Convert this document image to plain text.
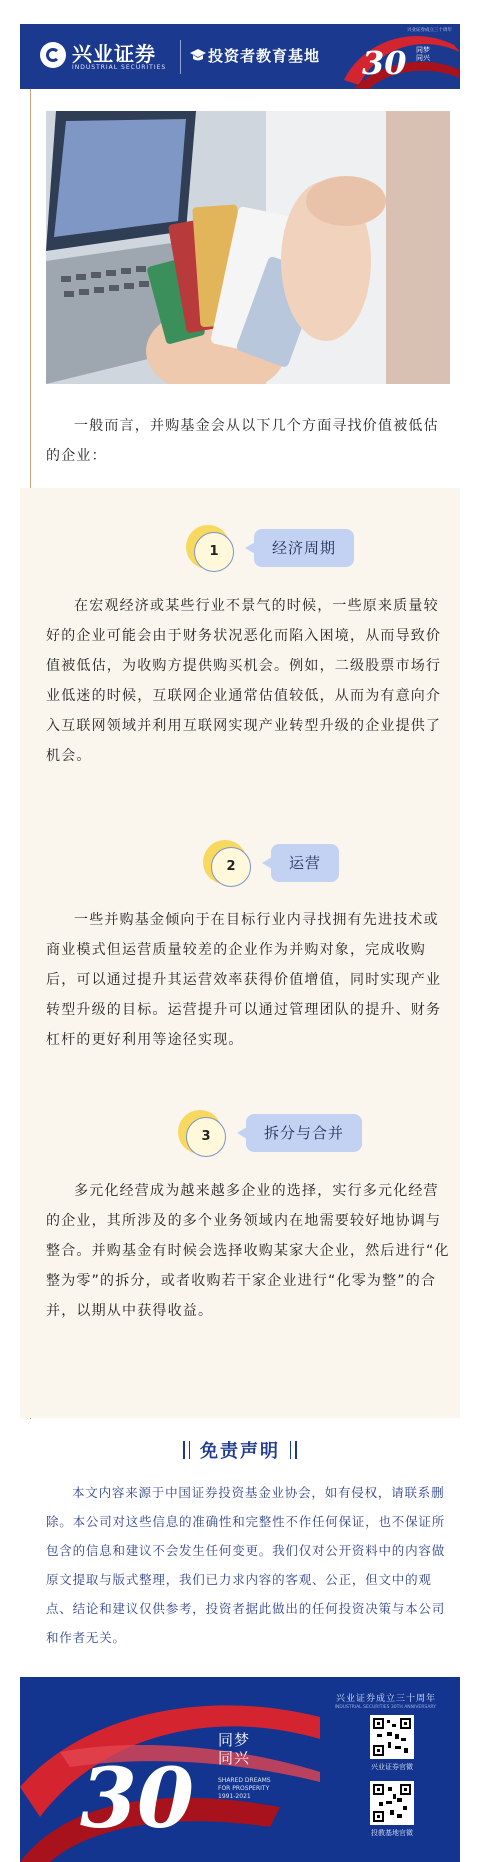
兴业证券
INDUSTRIAL SECURITIES
投资者教育基地 30
兴业证券成立三十周年
同梦
同兴

一般而言，并购基金会从以下几个方面寻找价值被低估的企业：

1	经济周期

在宏观经济或某些行业不景气的时候，一些原来质量较好的企业可能会由于财务状况恶化而陷入困境，从而导致价值被低估，为收购方提供购买机会。例如，二级股票市场行业低迷的时候，互联网企业通常估值较低，从而为有意向介入互联网领域并利用互联网实现产业转型升级的企业提供了机会。

2	运营

一些并购基金倾向于在目标行业内寻找拥有先进技术或商业模式但运营质量较差的企业作为并购对象，完成收购后，可以通过提升其运营效率获得价值增值，同时实现产业转型升级的目标。运营提升可以通过管理团队的提升、财务杠杆的更好利用等途径实现。

3	拆分与合并

多元化经营成为越来越多企业的选择，实行多元化经营的企业，其所涉及的多个业务领域内在地需要较好地协调与整合。并购基金有时候会选择收购某家大企业，然后进行“化整为零”的拆分，或者收购若干家企业进行“化零为整”的合并，以期从中获得收益。

免责声明

本文内容来源于中国证券投资基金业协会，如有侵权，请联系删除。本公司对这些信息的准确性和完整性不作任何保证，也不保证所包含的信息和建议不会发生任何变更。我们仅对公开资料中的内容做原文提取与版式整理，我们已力求内容的客观、公正，但文中的观点、结论和建议仅供参考，投资者据此做出的任何投资决策与本公司和作者无关。

30
兴业证券成立三十周年
INDUSTRIAL SECURITIES 30TH ANNIVERSARY
同梦
同兴
SHARED DREAMS
FOR PROSPERITY
1991-2021
兴业证券官微
投教基地官微
